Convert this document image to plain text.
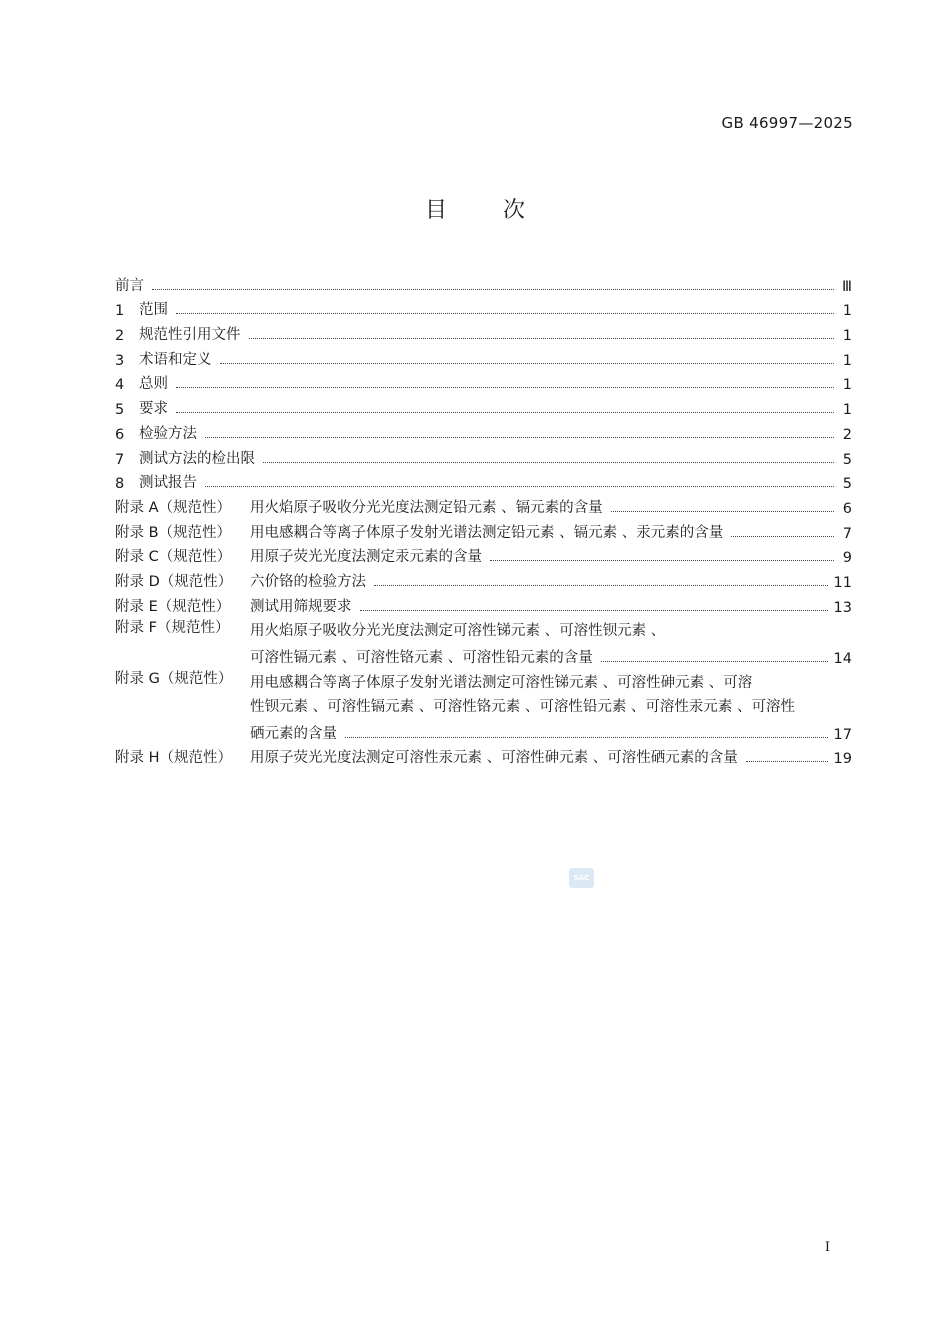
GB 46997—2025
目次
前言	Ⅲ
1	范围	1
2	规范性引用文件	1
3	术语和定义	1
4	总则	1
5	要求	1
6	检验方法	2
7	测试方法的检出限	5
8	测试报告	5
附录 A（规范性）	用火焰原子吸收分光光度法测定铅元素 、镉元素的含量	6
附录 B（规范性）	用电感耦合等离子体原子发射光谱法测定铅元素 、镉元素 、汞元素的含量	7
附录 C（规范性）	用原子荧光光度法测定汞元素的含量	9
附录 D（规范性）	六价铬的检验方法	11
附录 E（规范性）	测试用筛规要求	13
附录 F（规范性）	用火焰原子吸收分光光度法测定可溶性锑元素 、可溶性钡元素 、
可溶性镉元素 、可溶性铬元素 、可溶性铅元素的含量	14
附录 G（规范性）	用电感耦合等离子体原子发射光谱法测定可溶性锑元素 、可溶性砷元素 、可溶
性钡元素 、可溶性镉元素 、可溶性铬元素 、可溶性铅元素 、可溶性汞元素 、可溶性
硒元素的含量	17
附录 H（规范性）	用原子荧光光度法测定可溶性汞元素 、可溶性砷元素 、可溶性硒元素的含量	19
SAC
I
